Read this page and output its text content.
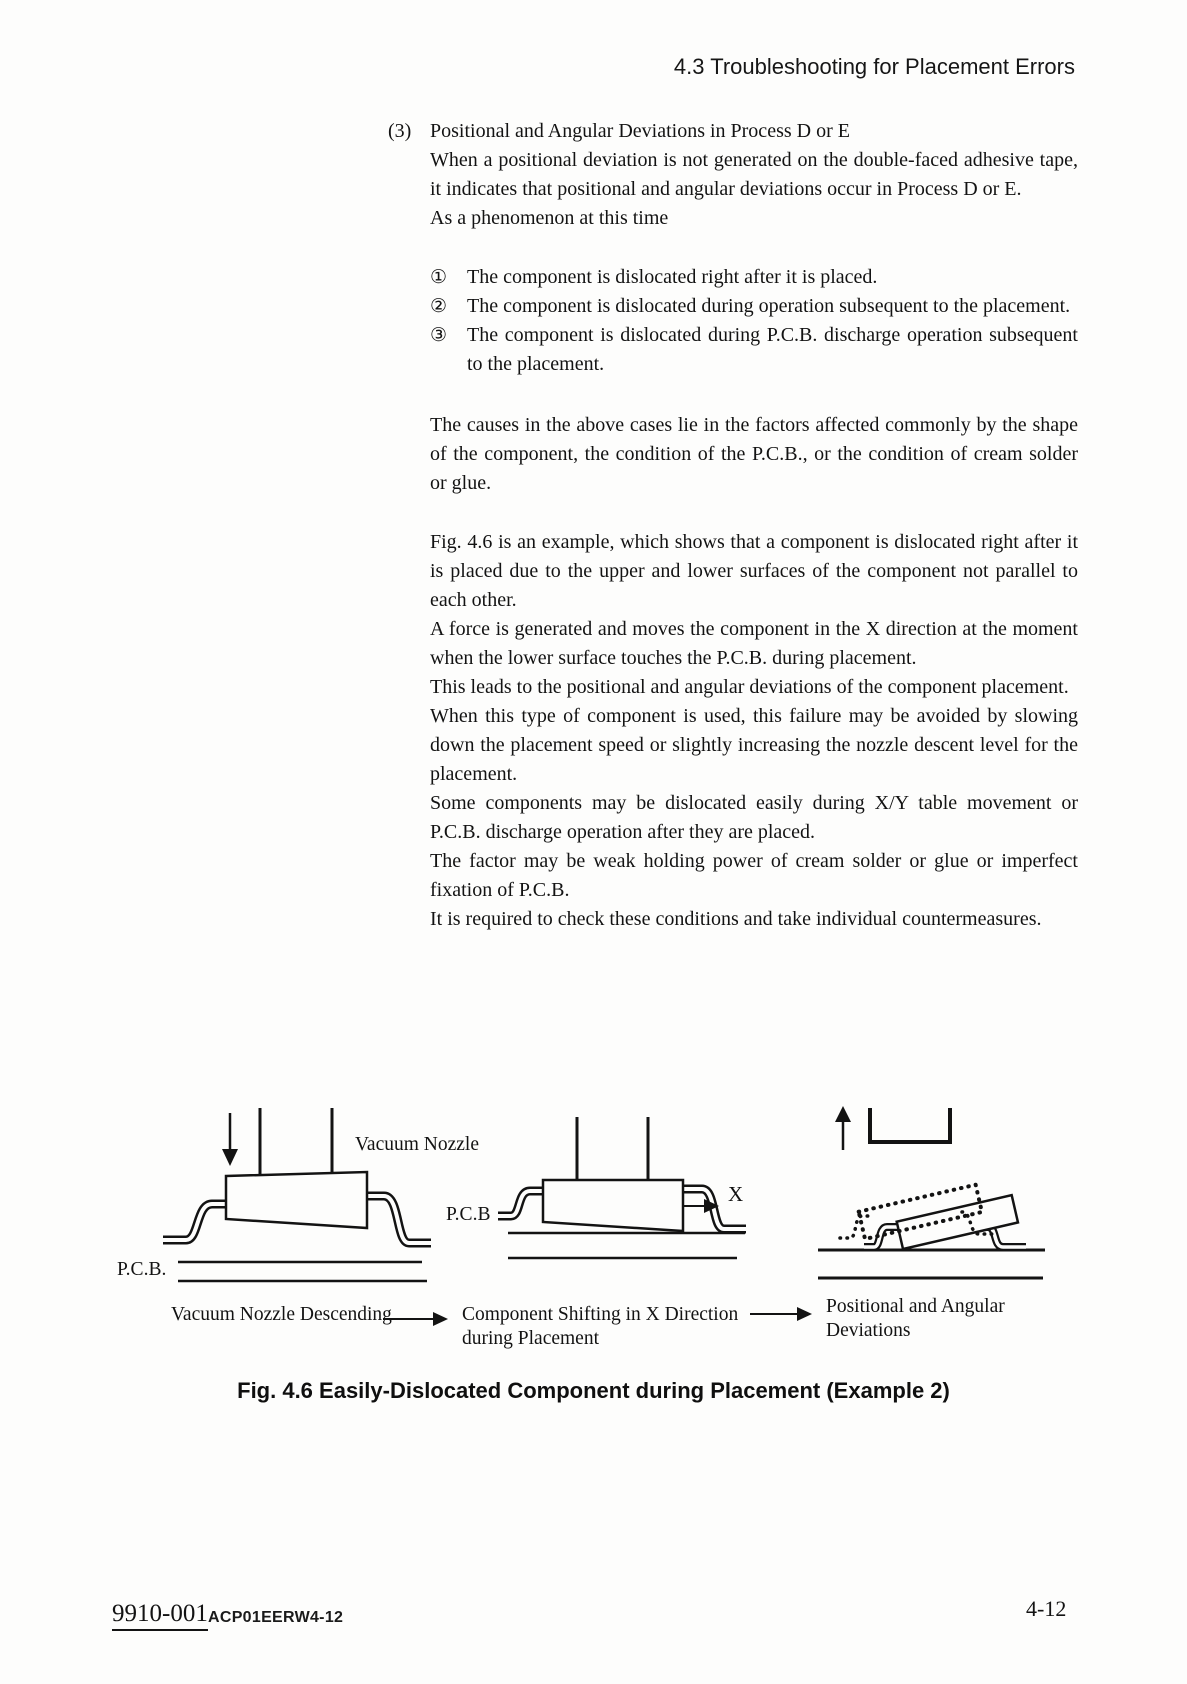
4.3 Troubleshooting for Placement Errors
(3) Positional and Angular Deviations in Process D or E

When a positional deviation is not generated on the double-faced adhesive tape, it indicates that positional and angular deviations occur in Process D or E.

As a phenomenon at this time

① The component is dislocated right after it is placed.
② The component is dislocated during operation subsequent to the placement.
③ The component is dislocated during P.C.B. discharge operation subsequent to the placement.

The causes in the above cases lie in the factors affected commonly by the shape of the component, the condition of the P.C.B., or the condition of cream solder or glue.

Fig. 4.6 is an example, which shows that a component is dislocated right after it is placed due to the upper and lower surfaces of the component not parallel to each other.

A force is generated and moves the component in the X direction at the moment when the lower surface touches the P.C.B. during placement.

This leads to the positional and angular deviations of the component placement.

When this type of component is used, this failure may be avoided by slowing down the placement speed or slightly increasing the nozzle descent level for the placement.

Some components may be dislocated easily during X/Y table movement or P.C.B. discharge operation after they are placed.

The factor may be weak holding power of cream solder or glue or imperfect fixation of P.C.B.

It is required to check these conditions and take individual countermeasures.

Vacuum Nozzle
P.C.B.
P.C.B
X
Vacuum Nozzle Descending	Component Shifting in X Direction during Placement
Positional and Angular Deviations
Fig. 4.6 Easily-Dislocated Component during Placement (Example 2)
9910-001 ACP01EERW4-12	4-12
